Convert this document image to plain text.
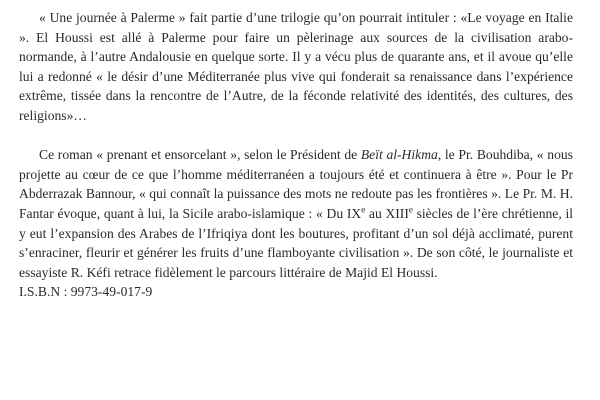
« Une journée à Palerme » fait partie d’une trilogie qu’on pourrait intituler : «Le voyage en Italie ». El Houssi est allé à Palerme pour faire un pèlerinage aux sources de la civilisation arabo-normande, à l’autre Andalousie en quelque sorte. Il y a vécu plus de quarante ans, et il avoue qu’elle lui a redonné « le désir d’une Méditerranée plus vive qui fonderait sa renaissance dans l’expérience extrême, tissée dans la rencontre de l’Autre, de la féconde relativité des identités, des cultures, des religions»…

Ce roman « prenant et ensorcelant », selon le Président de Beït al-Hikma, le Pr. Bouhdiba, « nous projette au cœur de ce que l’homme méditerranéen a toujours été et continuera à être ». Pour le Pr Abderrazak Bannour, « qui connaît la puissance des mots ne redoute pas les frontières ». Le Pr. M. H. Fantar évoque, quant à lui, la Sicile arabo-islamique : « Du IXe au XIIIe siècles de l’ère chrétienne, il y eut l’expansion des Arabes de l’Ifriqiya dont les boutures, profitant d’un sol déjà acclimaté, purent s’enraciner, fleurir et générer les fruits d’une flamboyante civilisation ». De son côté, le journaliste et essayiste R. Kéfi retrace fidèlement le parcours littéraire de Majid El Houssi.

I.S.B.N : 9973-49-017-9
